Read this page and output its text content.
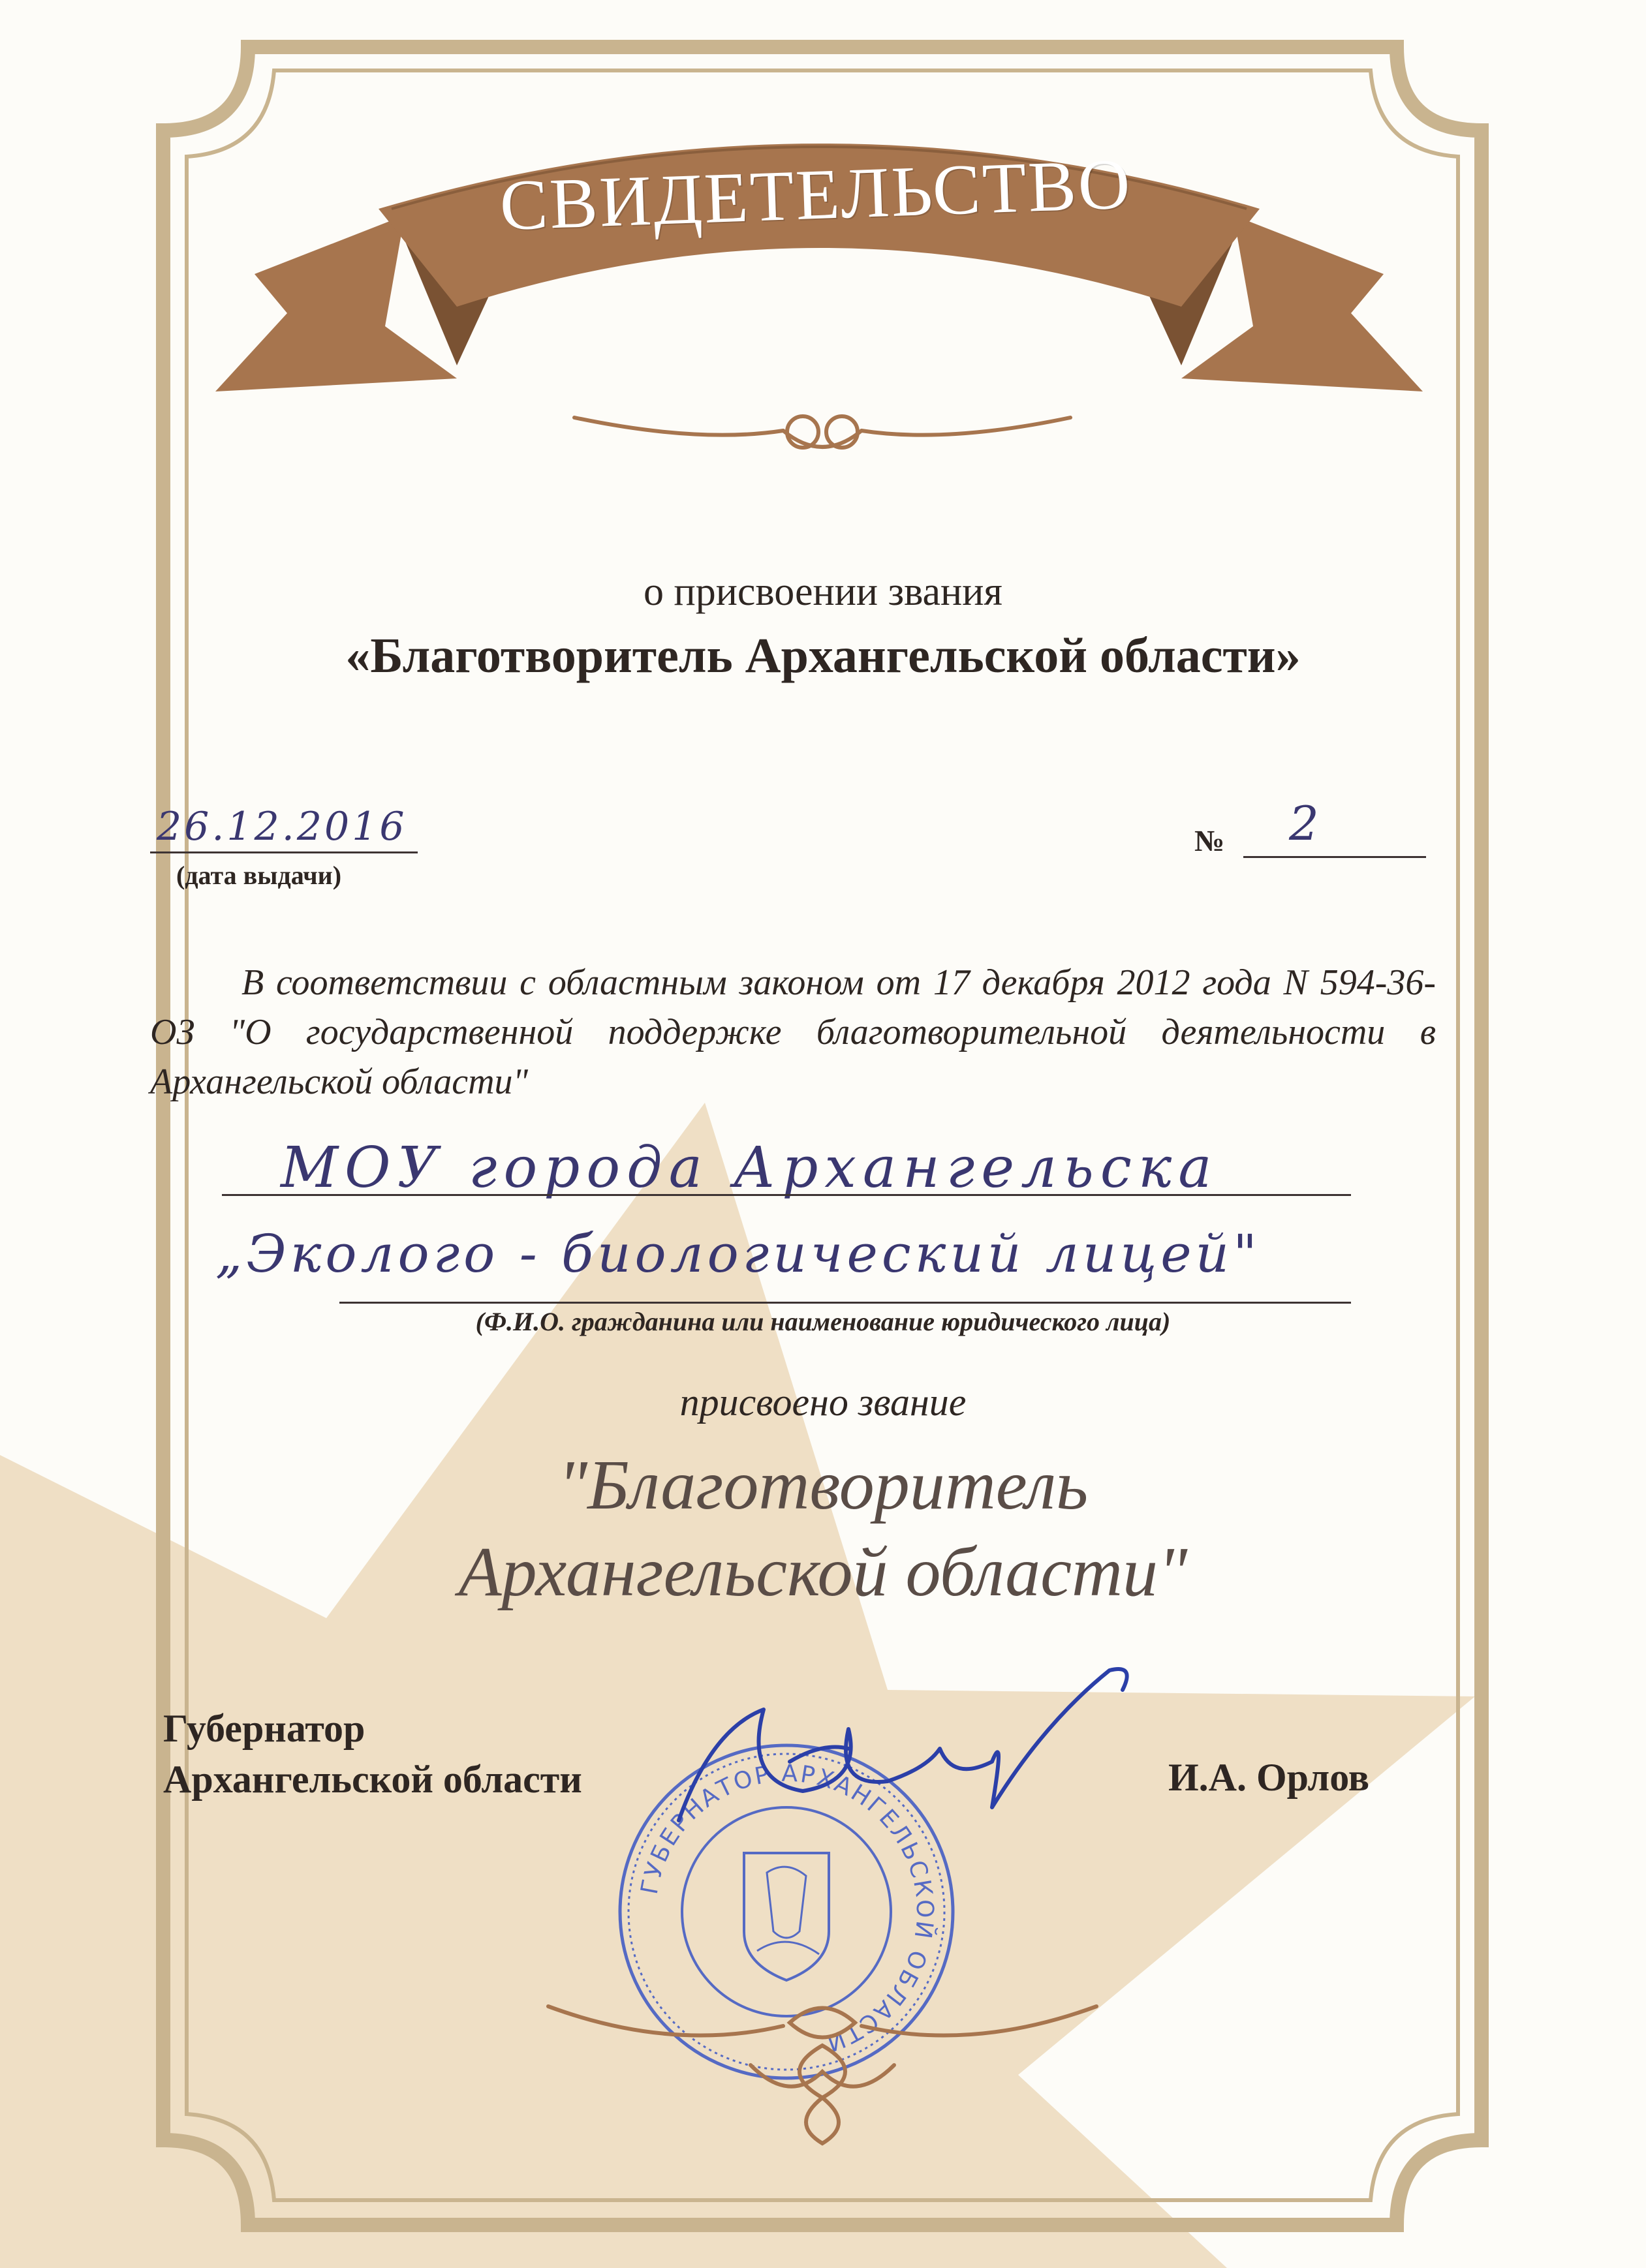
СВИДЕТЕЛЬСТВО
о присвоении звания
«Благотворитель Архангельской области»
26.12.2016
(дата выдачи)
№ 2
В соответствии с областным законом от 17 декабря 2012 года N 594-36-ОЗ "О государственной поддержке благотворительной деятельности в Архангельской области"
МОУ города Архангельска
„Эколого - биологический лицей"
(Ф.И.О. гражданина или наименование юридического лица)
присвоено звание
"Благотворитель
Архангельской области"
Губернатор
Архангельской области	И.А. Орлов
ГУБЕРНАТОР АРХАНГЕЛЬСКОЙ ОБЛАСТИ
